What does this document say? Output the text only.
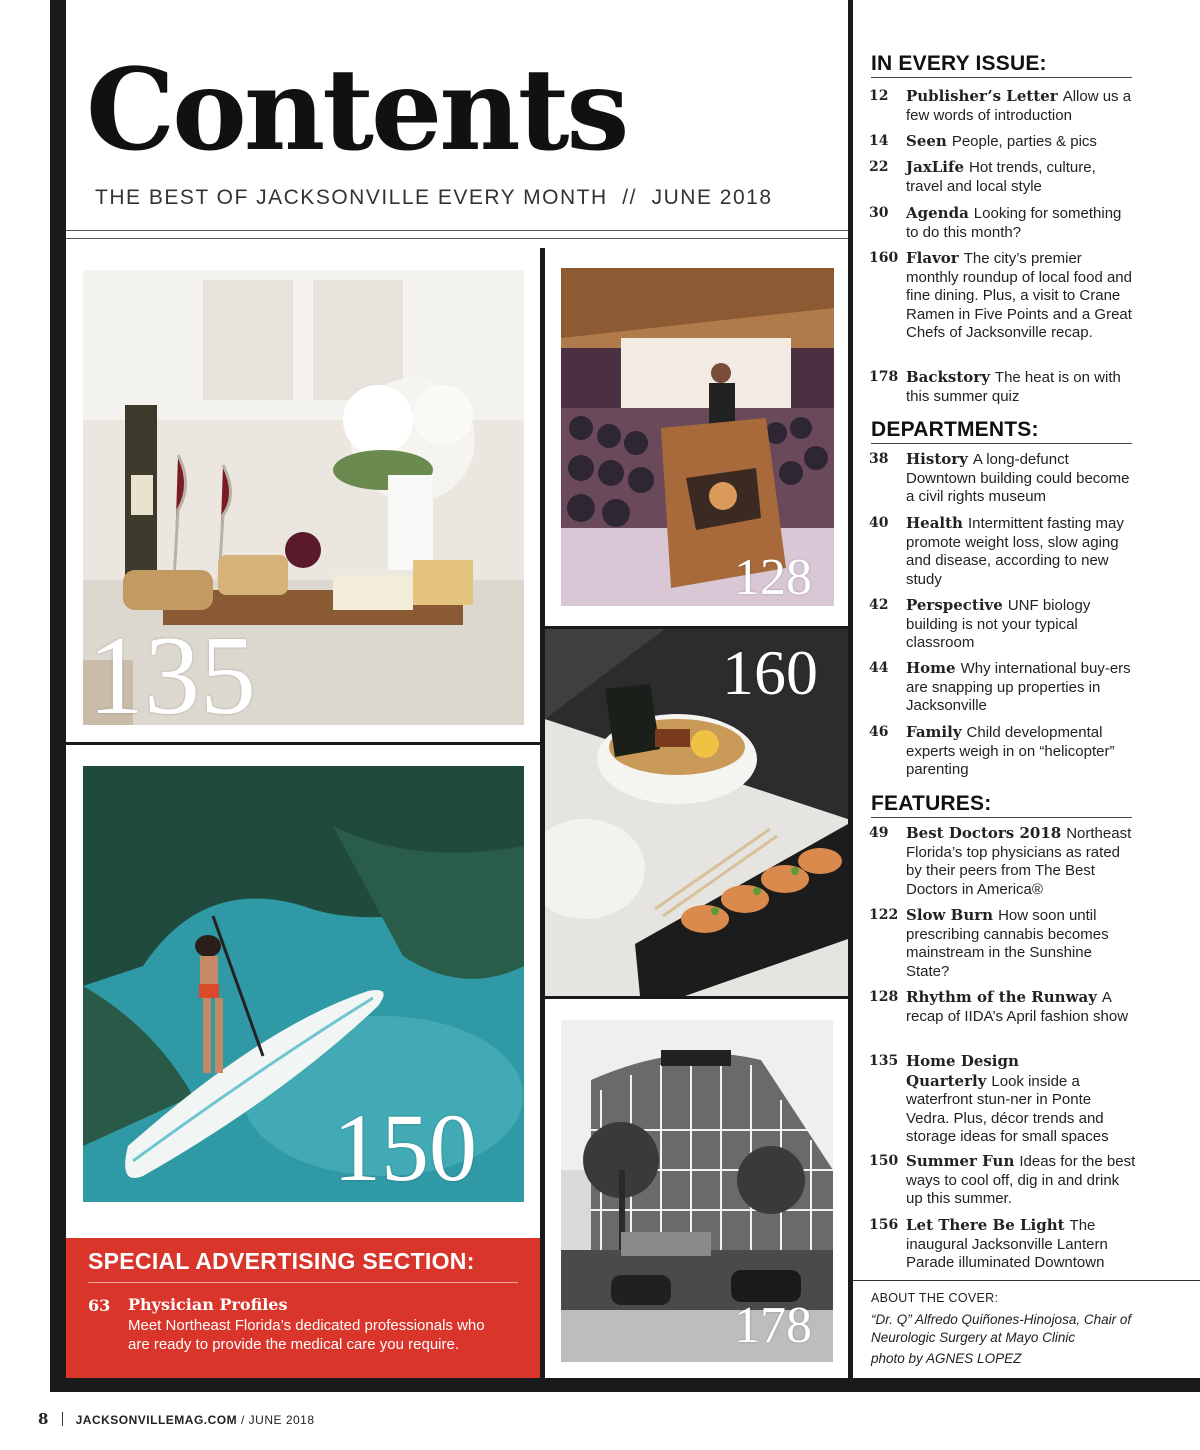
Contents
THE BEST OF JACKSONVILLE EVERY MONTH  //  JUNE 2018
135
128
160
150
178
SPECIAL ADVERTISING SECTION:
63 Physician Profiles
Meet Northeast Florida’s dedicated professionals who are ready to provide the medical care you require.
IN EVERY ISSUE:
DEPARTMENTS:
FEATURES:
12 Publisher’s Letter Allow us a few words of introduction
14 Seen People, parties & pics
22 JaxLife Hot trends, culture, travel and local style
30 Agenda Looking for something to do this month?
160 Flavor The city’s premier monthly roundup of local food and fine dining. Plus, a visit to Crane Ramen in Five Points and a Great Chefs of Jacksonville recap.
178 Backstory The heat is on with this summer quiz
38 History A long-defunct Downtown building could become a civil rights museum
40 Health Intermittent fasting may promote weight loss, slow aging and disease, according to new study
42 Perspective UNF biology building is not your typical classroom
44 Home Why international buy-ers are snapping up properties in Jacksonville
46 Family Child developmental experts weigh in on “helicopter” parenting
49 Best Doctors 2018 Northeast Florida’s top physicians as rated by their peers from The Best Doctors in America®
122 Slow Burn How soon until prescribing cannabis becomes mainstream in the Sunshine State?
128 Rhythm of the Runway A recap of IIDA’s April fashion show
135 Home Design Quarterly Look inside a waterfront stun-ner in Ponte Vedra. Plus, décor trends and storage ideas for small spaces
150 Summer Fun Ideas for the best ways to cool off, dig in and drink up this summer.
156 Let There Be Light The inaugural Jacksonville Lantern Parade illuminated Downtown
ABOUT THE COVER:
“Dr. Q” Alfredo Quiñones-Hinojosa, Chair of Neurologic Surgery at Mayo Clinic
photo by AGNES LOPEZ
8 JACKSONVILLEMAG.COM / JUNE 2018
